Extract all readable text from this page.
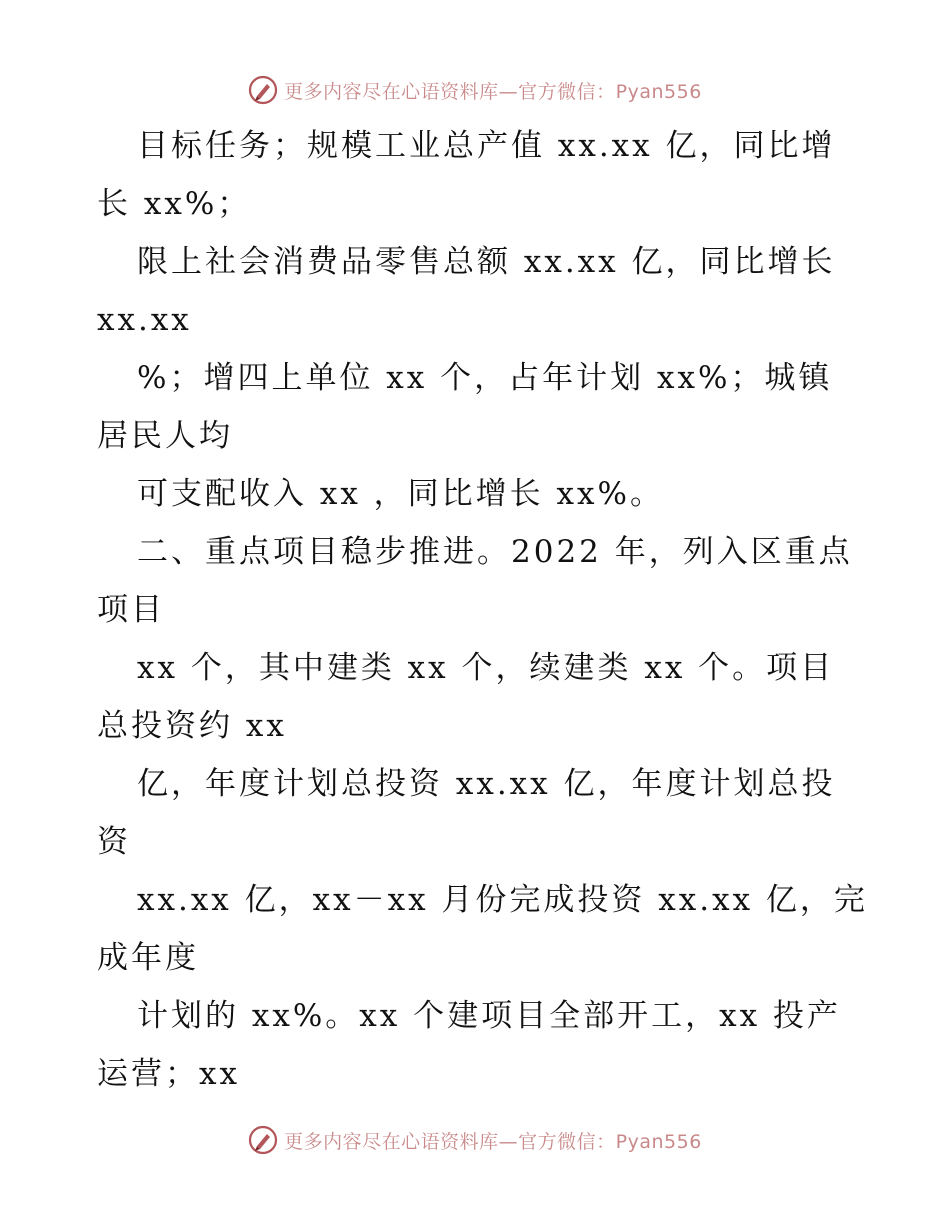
更多内容尽在心语资料库—官方微信：Pyan556
目标任务；规模工业总产值 xx.xx 亿，同比增
长 xx%；
限上社会消费品零售总额 xx.xx 亿，同比增长
xx.xx
%；增四上单位 xx 个，占年计划 xx%；城镇
居民人均
可支配收入 xx ，同比增长 xx%。
二、重点项目稳步推进。2022 年，列入区重点
项目
xx 个，其中建类 xx 个，续建类 xx 个。项目
总投资约 xx
亿，年度计划总投资 xx.xx 亿，年度计划总投
资
xx.xx 亿，xx－xx 月份完成投资 xx.xx 亿，完
成年度
计划的 xx%。xx 个建项目全部开工，xx 投产
运营；xx
更多内容尽在心语资料库—官方微信：Pyan556
